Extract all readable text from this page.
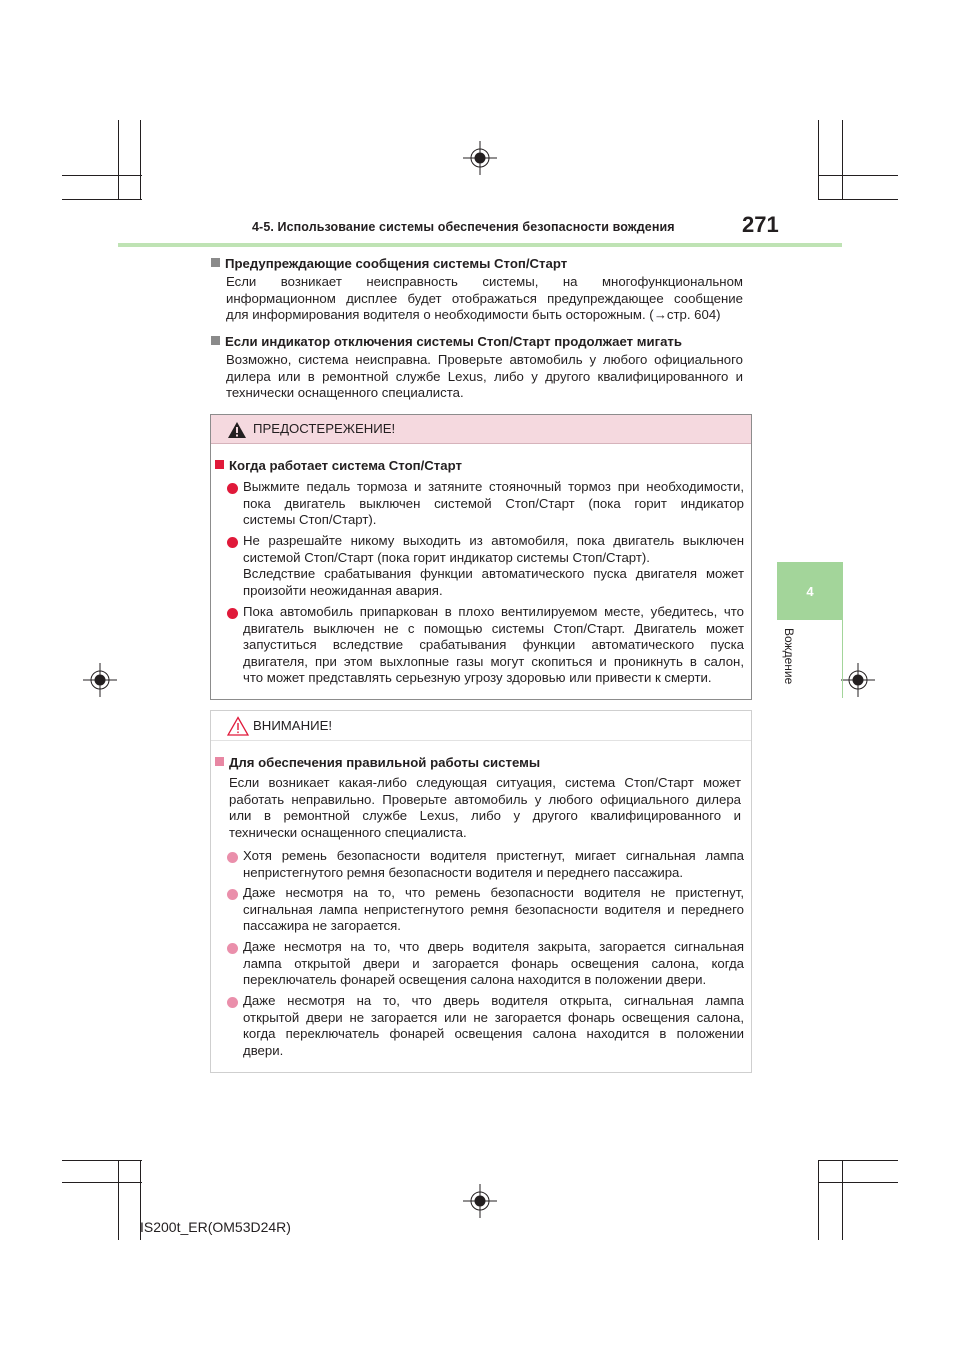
4-5. Использование системы обеспечения безопасности вождения	271
4
Вождение
Предупреждающие сообщения системы Стоп/Старт
Если возникает неисправность системы, на многофункциональном
информационном дисплее будет отображаться предупреждающее сообщение
для информирования водителя о необходимости быть осторожным. (→стр. 604)
Если индикатор отключения системы Стоп/Старт продолжает мигать
Возможно, система неисправна. Проверьте автомобиль у любого официального
дилера или в ремонтной службе Lexus, либо у другого квалифицированного и
технически оснащенного специалиста.
ПРЕДОСТЕРЕЖЕНИЕ!
Когда работает система Стоп/Старт
Выжмите педаль тормоза и затяните стояночный тормоз при необходимости,
пока двигатель выключен системой Стоп/Старт (пока горит индикатор
системы Стоп/Старт).
Не разрешайте никому выходить из автомобиля, пока двигатель выключен
системой Стоп/Старт (пока горит индикатор системы Стоп/Старт).
Вследствие срабатывания функции автоматического пуска двигателя может
произойти неожиданная авария.
Пока автомобиль припаркован в плохо вентилируемом месте, убедитесь, что
двигатель выключен не с помощью системы Стоп/Старт. Двигатель может
запуститься вследствие срабатывания функции автоматического пуска
двигателя, при этом выхлопные газы могут скопиться и проникнуть в салон,
что может представлять серьезную угрозу здоровью или привести к смерти.
ВНИМАНИЕ!
Для обеспечения правильной работы системы
Если возникает какая-либо следующая ситуация, система Стоп/Старт может
работать неправильно. Проверьте автомобиль у любого официального дилера
или в ремонтной службе Lexus, либо у другого квалифицированного и
технически оснащенного специалиста.
Хотя ремень безопасности водителя пристегнут, мигает сигнальная лампа
непристегнутого ремня безопасности водителя и переднего пассажира.
Даже несмотря на то, что ремень безопасности водителя не пристегнут,
сигнальная лампа непристегнутого ремня безопасности водителя и переднего
пассажира не загорается.
Даже несмотря на то, что дверь водителя закрыта, загорается сигнальная
лампа открытой двери и загорается фонарь освещения салона, когда
переключатель фонарей освещения салона находится в положении двери.
Даже несмотря на то, что дверь водителя открыта, сигнальная лампа
открытой двери не загорается или не загорается фонарь освещения салона,
когда переключатель фонарей освещения салона находится в положении
двери.
IS200t_ER(OM53D24R)
